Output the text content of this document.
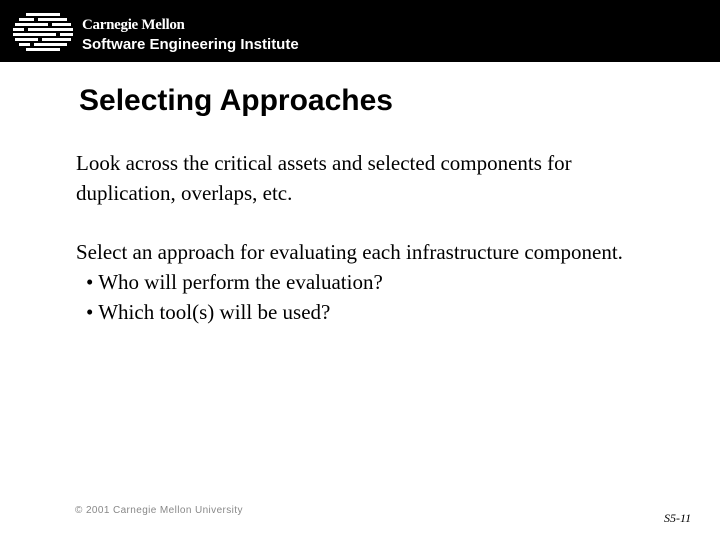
Carnegie Mellon
Software Engineering Institute
Selecting Approaches

Look across the critical assets and selected components for duplication, overlaps, etc.

Select an approach for evaluating each infrastructure component.
• Who will perform the evaluation?
• Which tool(s) will be used?
© 2001 Carnegie Mellon University
S5-11
